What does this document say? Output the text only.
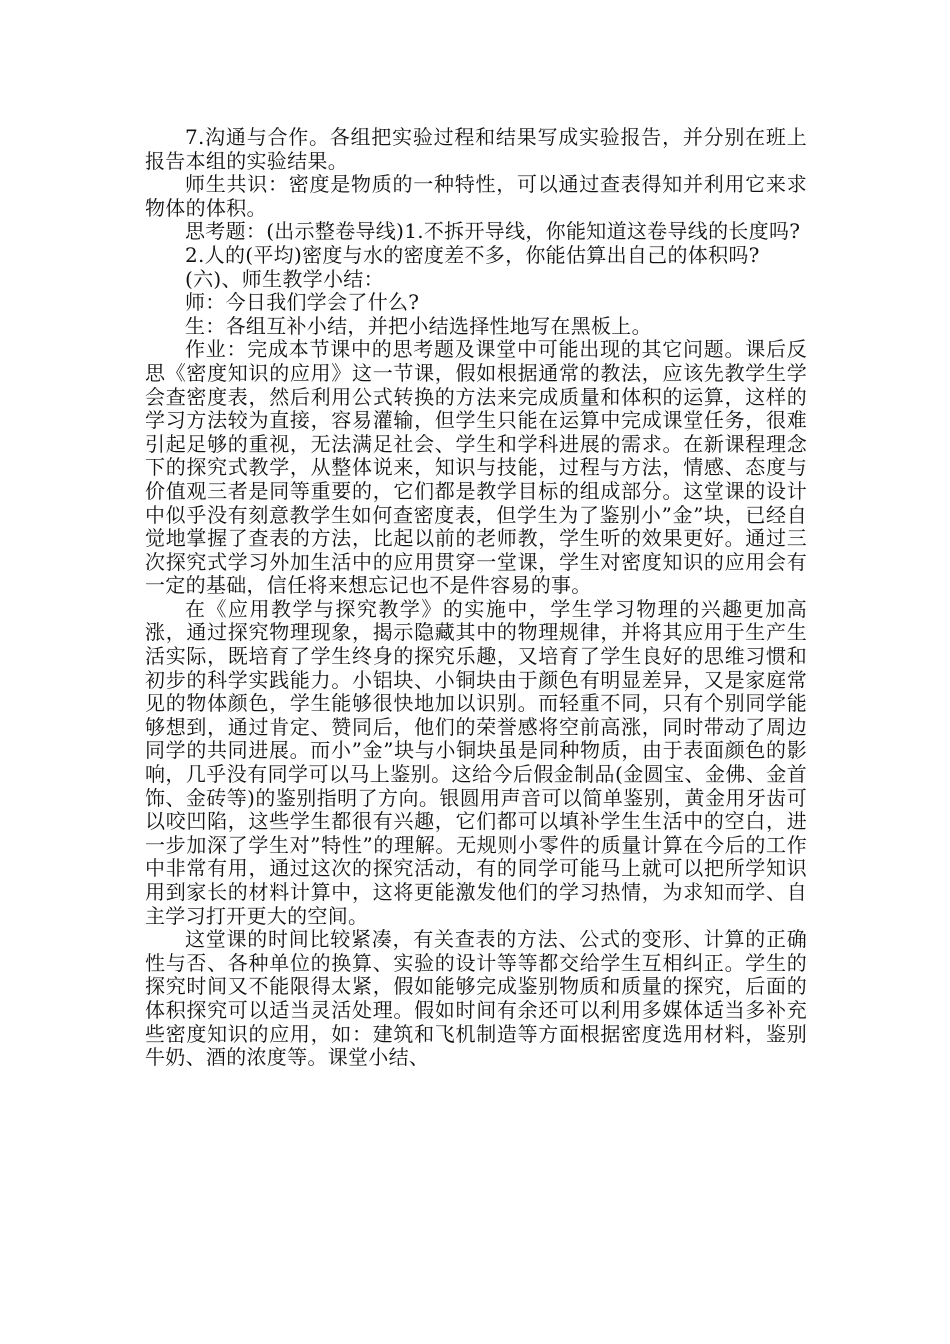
7.沟通与合作。各组把实验过程和结果写成实验报告，并分别在班上报告本组的实验结果。

师生共识：密度是物质的一种特性，可以通过查表得知并利用它来求物体的体积。

思考题：(出示整卷导线)1.不拆开导线，你能知道这卷导线的长度吗?

2.人的(平均)密度与水的密度差不多，你能估算出自己的体积吗?

(六)、师生教学小结：

师：今日我们学会了什么?

生：各组互补小结，并把小结选择性地写在黑板上。

作业：完成本节课中的思考题及课堂中可能出现的其它问题。课后反思《密度知识的应用》这一节课，假如根据通常的教法，应该先教学生学会查密度表，然后利用公式转换的方法来完成质量和体积的运算，这样的学习方法较为直接，容易灌输，但学生只能在运算中完成课堂任务，很难引起足够的重视，无法满足社会、学生和学科进展的需求。在新课程理念下的探究式教学，从整体说来，知识与技能，过程与方法，情感、态度与价值观三者是同等重要的，它们都是教学目标的组成部分。这堂课的设计中似乎没有刻意教学生如何查密度表，但学生为了鉴别小”金”块，已经自觉地掌握了查表的方法，比起以前的老师教，学生听的效果更好。通过三次探究式学习外加生活中的应用贯穿一堂课，学生对密度知识的应用会有一定的基础，信任将来想忘记也不是件容易的事。

在《应用教学与探究教学》的实施中，学生学习物理的兴趣更加高涨，通过探究物理现象，揭示隐藏其中的物理规律，并将其应用于生产生活实际，既培育了学生终身的探究乐趣，又培育了学生良好的思维习惯和初步的科学实践能力。小铝块、小铜块由于颜色有明显差异，又是家庭常见的物体颜色，学生能够很快地加以识别。而轻重不同，只有个别同学能够想到，通过肯定、赞同后，他们的荣誉感将空前高涨，同时带动了周边同学的共同进展。而小”金”块与小铜块虽是同种物质，由于表面颜色的影响，几乎没有同学可以马上鉴别。这给今后假金制品(金圆宝、金佛、金首饰、金砖等)的鉴别指明了方向。银圆用声音可以简单鉴别，黄金用牙齿可以咬凹陷，这些学生都很有兴趣，它们都可以填补学生生活中的空白，进一步加深了学生对”特性”的理解。无规则小零件的质量计算在今后的工作中非常有用，通过这次的探究活动，有的同学可能马上就可以把所学知识用到家长的材料计算中，这将更能激发他们的学习热情，为求知而学、自主学习打开更大的空间。

这堂课的时间比较紧凑，有关查表的方法、公式的变形、计算的正确性与否、各种单位的换算、实验的设计等等都交给学生互相纠正。学生的探究时间又不能限得太紧，假如能够完成鉴别物质和质量的探究，后面的体积探究可以适当灵活处理。假如时间有余还可以利用多媒体适当多补充些密度知识的应用，如：建筑和飞机制造等方面根据密度选用材料，鉴别牛奶、酒的浓度等。课堂小结、
